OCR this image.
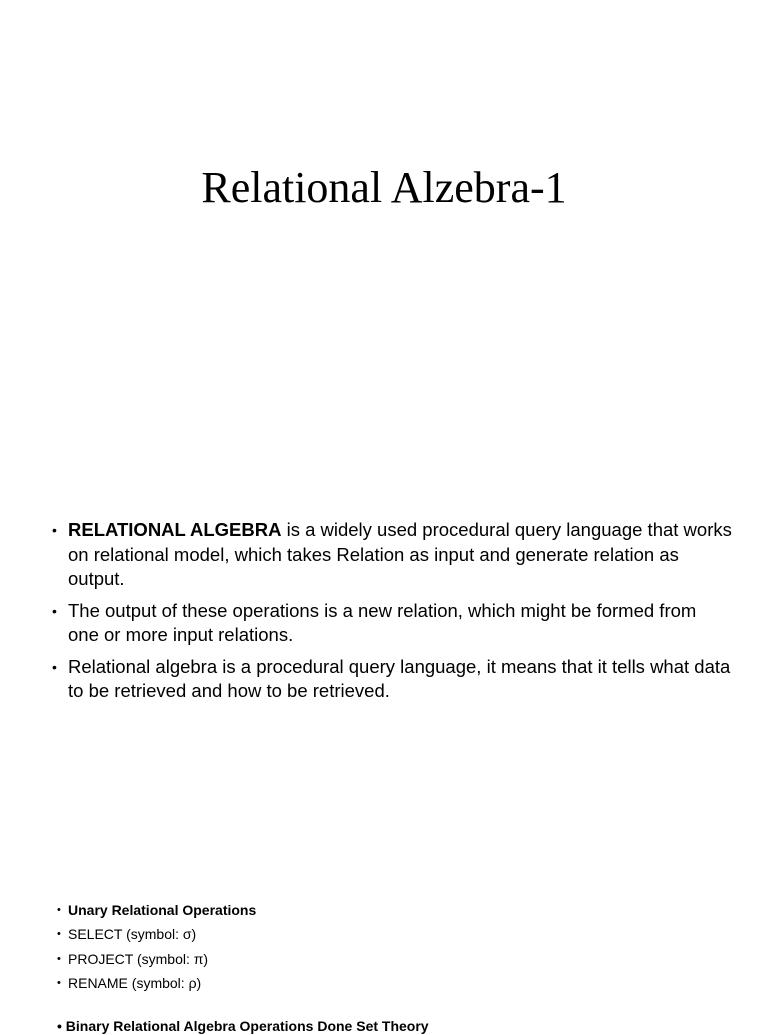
Relational Alzebra-1
• RELATIONAL ALGEBRA is a widely used procedural query language that works on relational model, which takes Relation as input and generate relation as output.
• The output of these operations is a new relation, which might be formed from one or more input relations.
• Relational algebra is a procedural query language, it means that it tells what data to be retrieved and how to be retrieved.
• Unary Relational Operations
• SELECT (symbol: σ)
• PROJECT (symbol: π)
• RENAME (symbol: ρ)
• Binary Relational Algebra Operations Done Set Theory
